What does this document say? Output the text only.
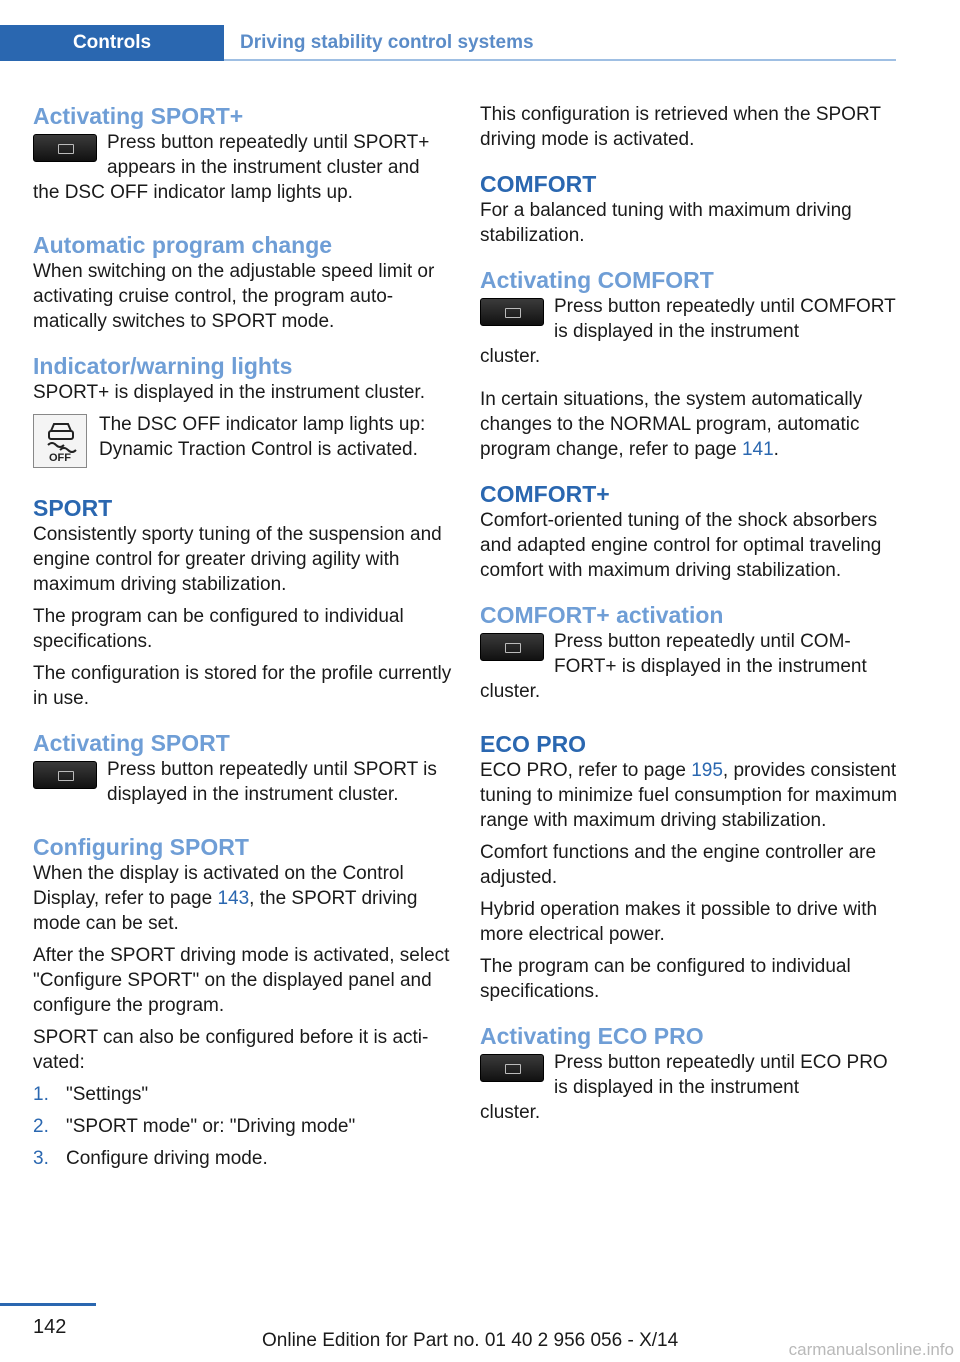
Controls	Driving stability control systems
Activating SPORT+

Press button repeatedly until SPORT+ appears in the instrument cluster and

the DSC OFF indicator lamp lights up.

Automatic program change

When switching on the adjustable speed limit or activating cruise control, the program automatically switches to SPORT mode.

Indicator/warning lights

SPORT+ is displayed in the instrument cluster.

OFF

The DSC OFF indicator lamp lights up: Dynamic Traction Control is activated.

SPORT

Consistently sporty tuning of the suspension and engine control for greater driving agility with maximum driving stabilization.

The program can be configured to individual specifications.

The configuration is stored for the profile currently in use.

Activating SPORT

Press button repeatedly until SPORT is displayed in the instrument cluster.

Configuring SPORT

When the display is activated on the Control Display, refer to page 143, the SPORT driving mode can be set.

After the SPORT driving mode is activated, select "Configure SPORT" on the displayed panel and configure the program.

SPORT can also be configured before it is activated:

1. "Settings"
2. "SPORT mode" or: "Driving mode"
3. Configure driving mode.

This configuration is retrieved when the SPORT driving mode is activated.

COMFORT

For a balanced tuning with maximum driving stabilization.

Activating COMFORT

Press button repeatedly until COMFORT is displayed in the instrument

cluster.

In certain situations, the system automatically changes to the NORMAL program, automatic program change, refer to page 141.

COMFORT+

Comfort-oriented tuning of the shock absorbers and adapted engine control for optimal traveling comfort with maximum driving stabilization.

COMFORT+ activation

Press button repeatedly until COMFORT+ is displayed in the instrument

cluster.

ECO PRO

ECO PRO, refer to page 195, provides consistent tuning to minimize fuel consumption for maximum range with maximum driving stabilization.

Comfort functions and the engine controller are adjusted.

Hybrid operation makes it possible to drive with more electrical power.

The program can be configured to individual specifications.

Activating ECO PRO

Press button repeatedly until ECO PRO is displayed in the instrument

cluster.

142
Online Edition for Part no. 01 40 2 956 056 - X/14	carmanualsonline.info
